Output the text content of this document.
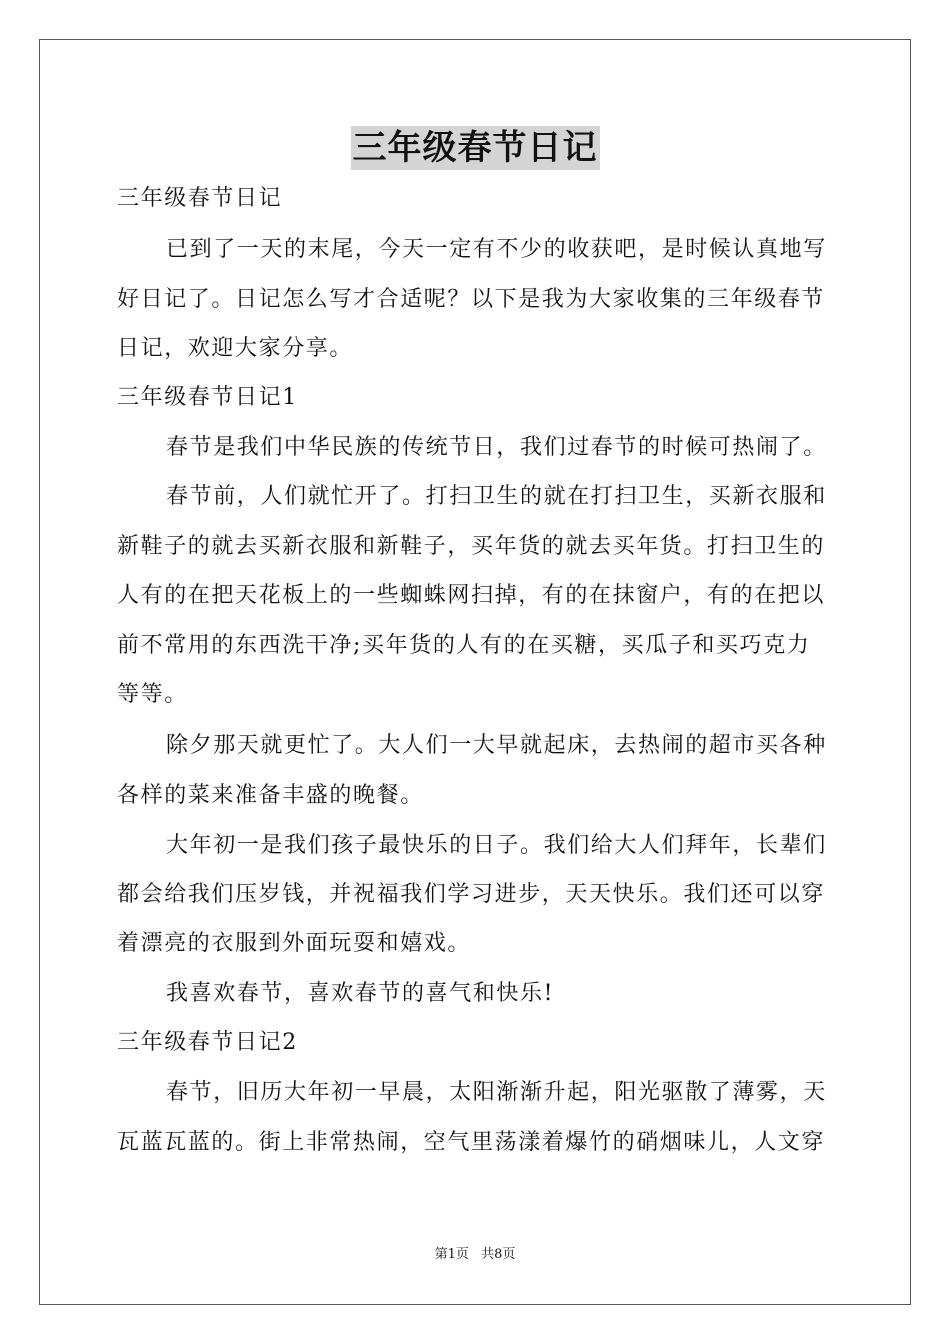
三年级春节日记
三年级春节日记
已到了一天的末尾，今天一定有不少的收获吧，是时候认真地写
好日记了。日记怎么写才合适呢？以下是我为大家收集的三年级春节
日记，欢迎大家分享。
三年级春节日记1
春节是我们中华民族的传统节日，我们过春节的时候可热闹了。
春节前，人们就忙开了。打扫卫生的就在打扫卫生，买新衣服和
新鞋子的就去买新衣服和新鞋子，买年货的就去买年货。打扫卫生的
人有的在把天花板上的一些蜘蛛网扫掉，有的在抹窗户，有的在把以
前不常用的东西洗干净;买年货的人有的在买糖，买瓜子和买巧克力
等等。
除夕那天就更忙了。大人们一大早就起床，去热闹的超市买各种
各样的菜来准备丰盛的晚餐。
大年初一是我们孩子最快乐的日子。我们给大人们拜年，长辈们
都会给我们压岁钱，并祝福我们学习进步，天天快乐。我们还可以穿
着漂亮的衣服到外面玩耍和嬉戏。
我喜欢春节，喜欢春节的喜气和快乐!
三年级春节日记2
春节，旧历大年初一早晨，太阳渐渐升起，阳光驱散了薄雾，天
瓦蓝瓦蓝的。街上非常热闹，空气里荡漾着爆竹的硝烟味儿，人文穿
第1页 共8页
